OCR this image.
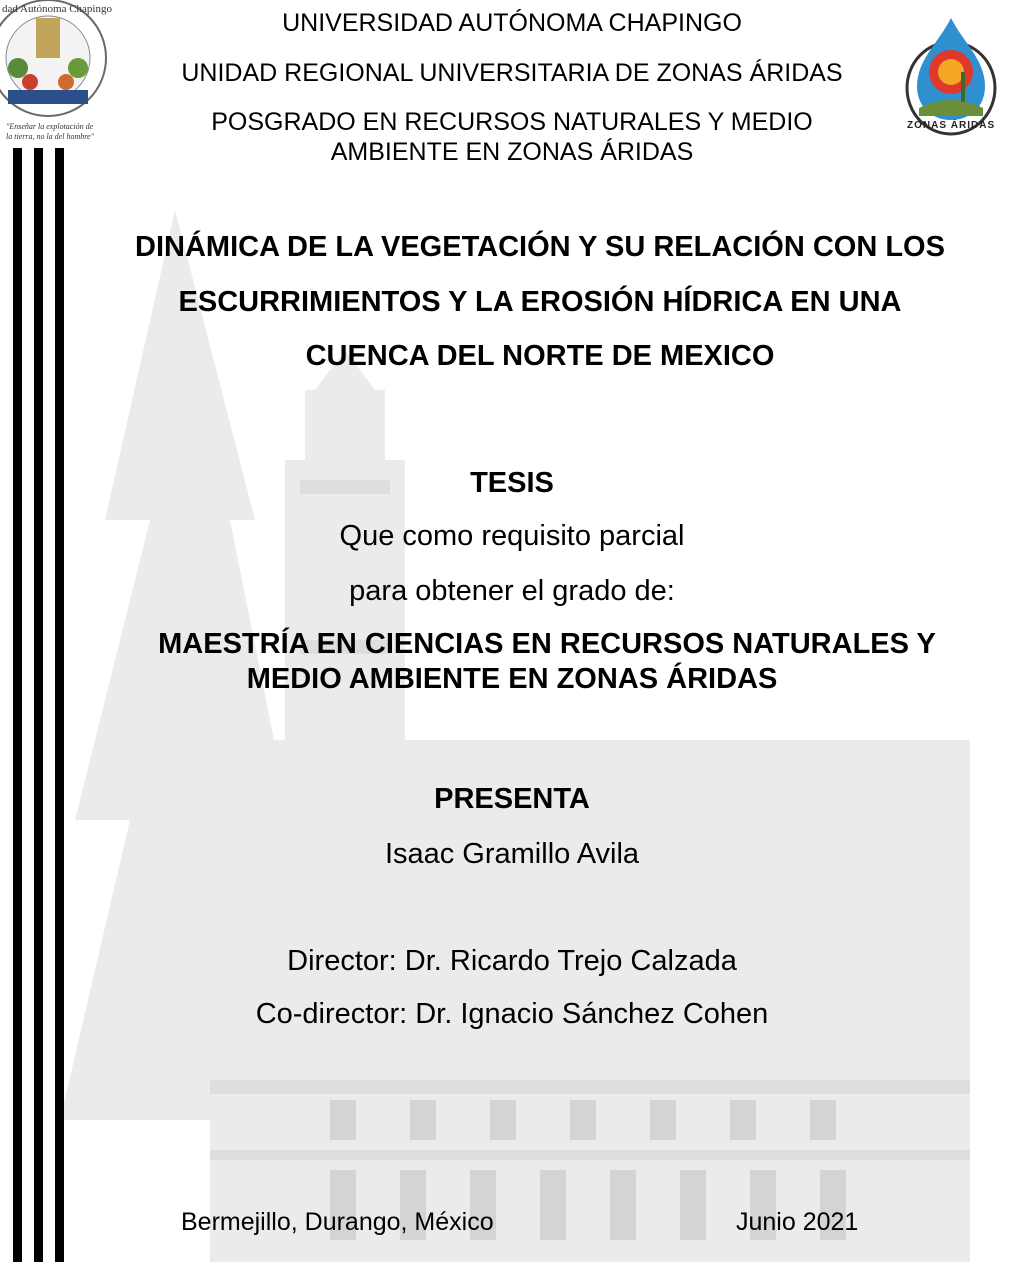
dad Autónoma Chapingo
"Enseñar la explotación de
la tierra, no la del hombre"
ZONAS ÁRIDAS
UNIVERSIDAD AUTÓNOMA CHAPINGO
UNIDAD REGIONAL UNIVERSITARIA DE ZONAS ÁRIDAS
POSGRADO EN RECURSOS NATURALES Y MEDIO
AMBIENTE EN ZONAS ÁRIDAS
DINÁMICA DE LA VEGETACIÓN Y SU RELACIÓN CON LOS
ESCURRIMIENTOS Y LA EROSIÓN HÍDRICA EN UNA
CUENCA DEL NORTE DE MEXICO
TESIS
Que como requisito parcial
para obtener el grado de:
MAESTRÍA EN CIENCIAS EN RECURSOS NATURALES Y
MEDIO AMBIENTE EN ZONAS ÁRIDAS
PRESENTA
Isaac Gramillo Avila
Director: Dr. Ricardo Trejo Calzada
Co-director: Dr. Ignacio Sánchez Cohen
Bermejillo, Durango, México	Junio 2021
